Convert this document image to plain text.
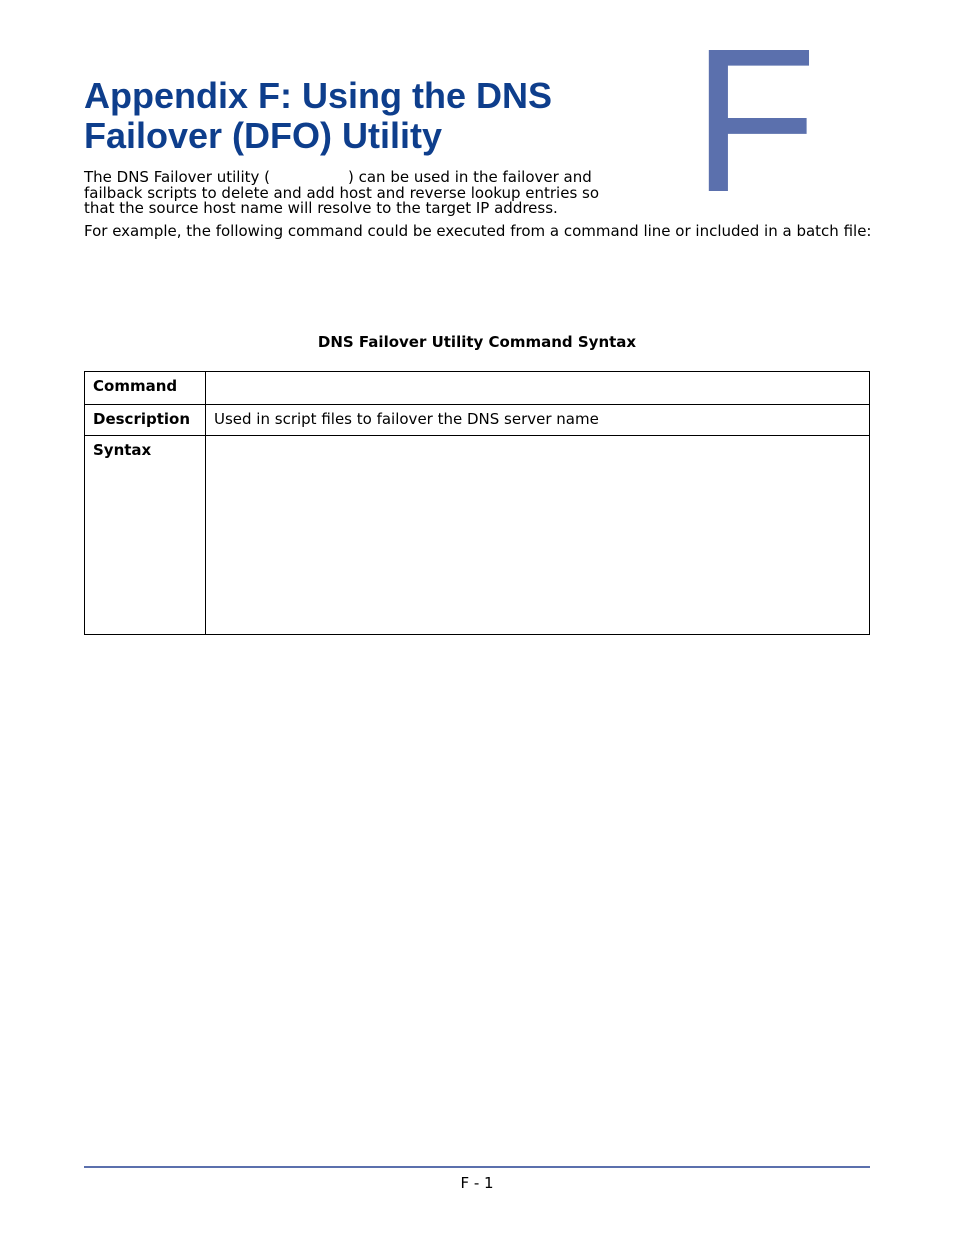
F
Appendix F: Using the DNS
Failover (DFO) Utility

The DNS Failover utility (	) can be used in the failover and failback scripts to delete and add host and reverse lookup entries so that the source host name will resolve to the target IP address.

For example, the following command could be executed from a command line or included in a batch file:

DNS Failover Utility Command Syntax
Command	
Description	Used in script files to failover the DNS server name
Syntax	
F - 1
